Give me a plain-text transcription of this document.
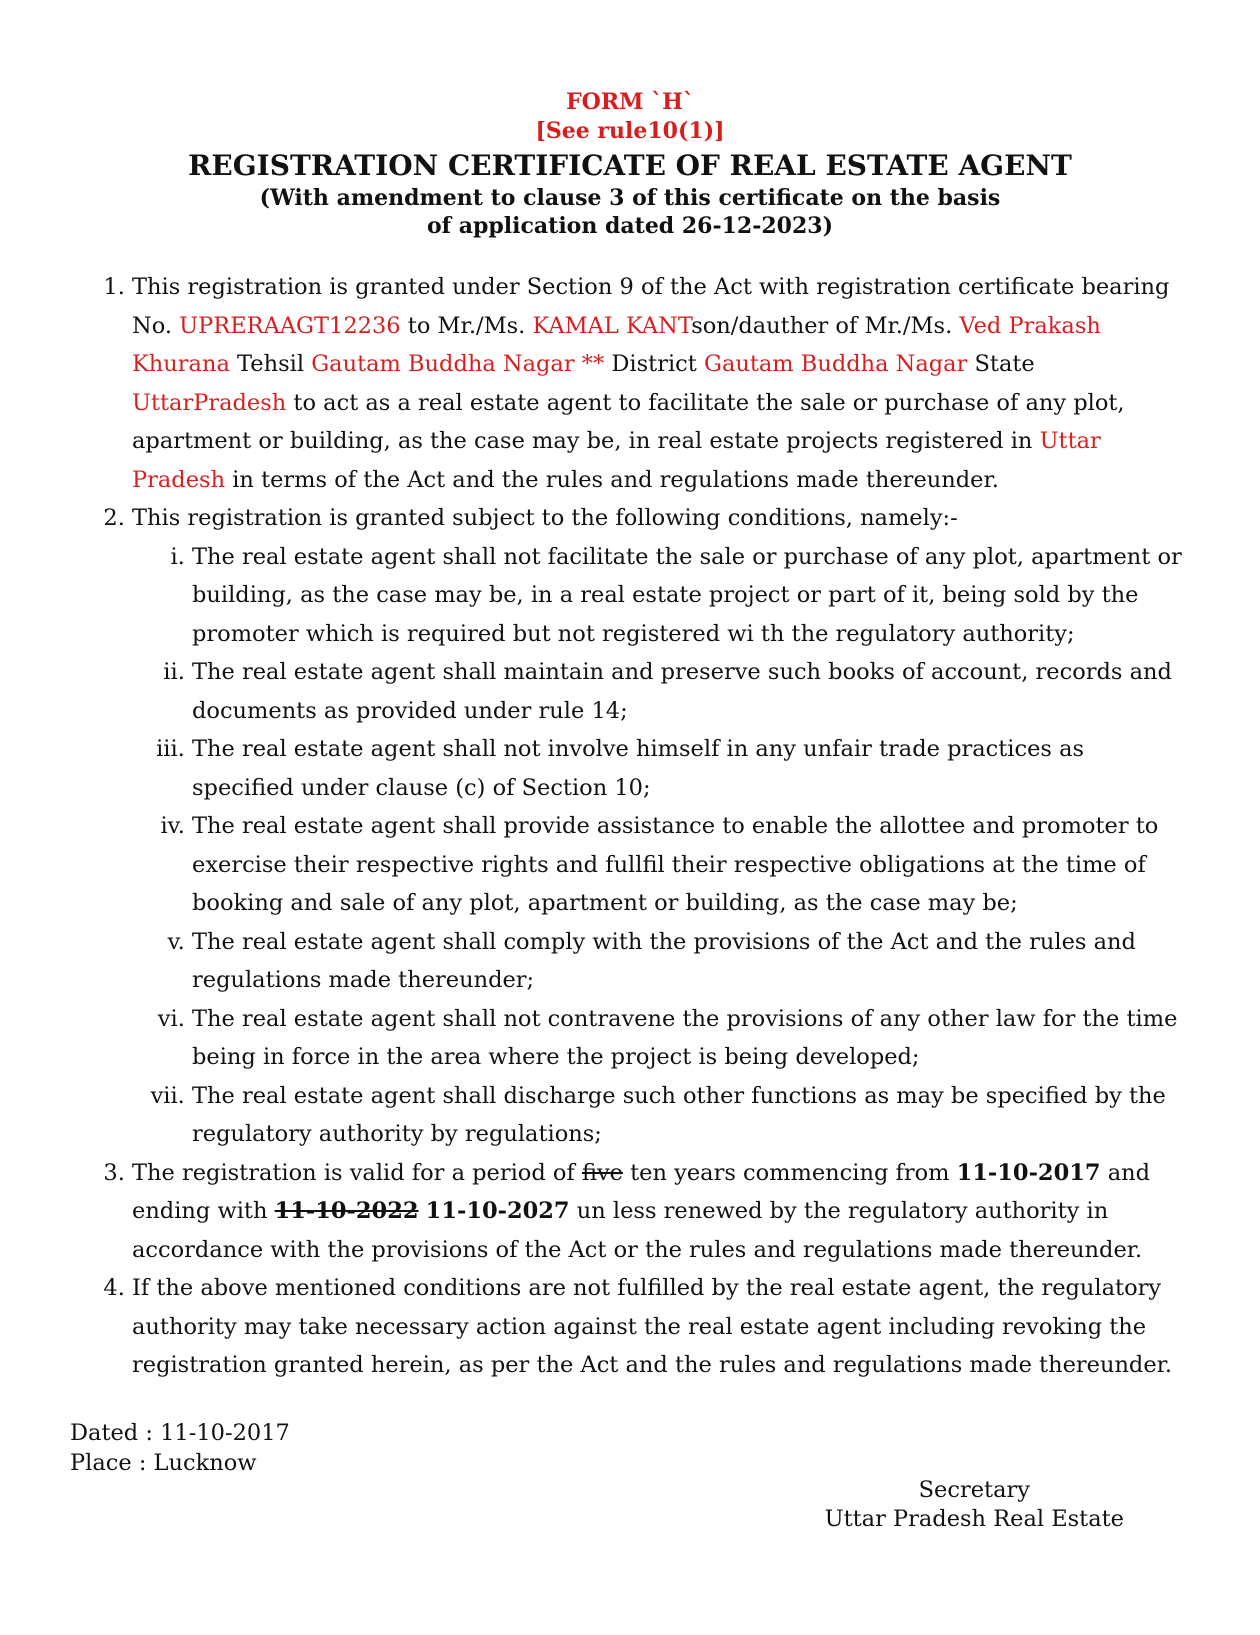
FORM `H`
[See rule10(1)]
REGISTRATION CERTIFICATE OF REAL ESTATE AGENT
(With amendment to clause 3 of this certificate on the basis
of application dated 26-12-2023)
1. This registration is granted under Section 9 of the Act with registration certificate bearing No. UPRERAAGT12236 to Mr./Ms. KAMAL KANTson/dauther of Mr./Ms. Ved Prakash Khurana Tehsil Gautam Buddha Nagar ** District Gautam Buddha Nagar State UttarPradesh to act as a real estate agent to facilitate the sale or purchase of any plot, apartment or building, as the case may be, in real estate projects registered in Uttar Pradesh in terms of the Act and the rules and regulations made thereunder.
2. This registration is granted subject to the following conditions, namely:-
i. The real estate agent shall not facilitate the sale or purchase of any plot, apartment or building, as the case may be, in a real estate project or part of it, being sold by the promoter which is required but not registered wi th the regulatory authority;
ii. The real estate agent shall maintain and preserve such books of account, records and documents as provided under rule 14;
iii. The real estate agent shall not involve himself in any unfair trade practices as specified under clause (c) of Section 10;
iv. The real estate agent shall provide assistance to enable the allottee and promoter to exercise their respective rights and fullfil their respective obligations at the time of booking and sale of any plot, apartment or building, as the case may be;
v. The real estate agent shall comply with the provisions of the Act and the rules and regulations made thereunder;
vi. The real estate agent shall not contravene the provisions of any other law for the time being in force in the area where the project is being developed;
vii. The real estate agent shall discharge such other functions as may be specified by the regulatory authority by regulations;
3. The registration is valid for a period of five ten years commencing from 11-10-2017 and ending with 11-10-2022 11-10-2027 un less renewed by the regulatory authority in accordance with the provisions of the Act or the rules and regulations made thereunder.
4. If the above mentioned conditions are not fulfilled by the real estate agent, the regulatory authority may take necessary action against the real estate agent including revoking the registration granted herein, as per the Act and the rules and regulations made thereunder.
Dated : 11-10-2017
Place : Lucknow
Secretary
Uttar Pradesh Real Estate
